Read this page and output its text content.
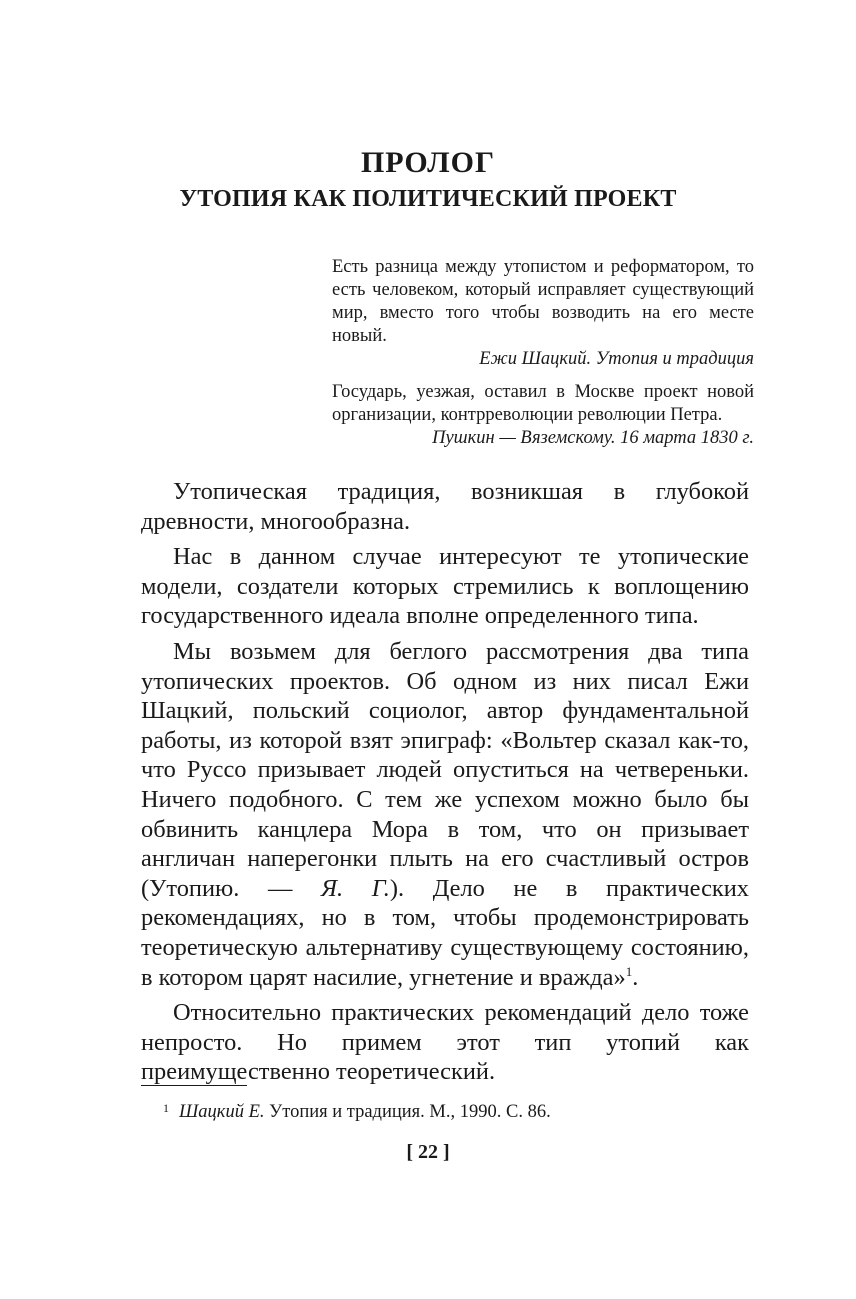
ПРОЛОГ
УТОПИЯ КАК ПОЛИТИЧЕСКИЙ ПРОЕКТ
Есть разница между утопистом и реформатором, то есть человеком, который исправляет существующий мир, вместо того чтобы возводить на его месте новый.
Ежи Шацкий. Утопия и традиция
Государь, уезжая, оставил в Москве проект новой организации, контрреволюции революции Петра.
Пушкин — Вяземскому. 16 марта 1830 г.

Утопическая традиция, возникшая в глубокой древности, многообразна.

Нас в данном случае интересуют те утопические модели, создатели которых стремились к воплощению государственного идеала вполне определенного типа.

Мы возьмем для беглого рассмотрения два типа утопических проектов. Об одном из них писал Ежи Шацкий, польский социолог, автор фундаментальной работы, из которой взят эпиграф: «Вольтер сказал как-то, что Руссо призывает людей опуститься на четвереньки. Ничего подобного. С тем же успехом можно было бы обвинить канцлера Мора в том, что он призывает англичан наперегонки плыть на его счастливый остров (Утопию. — Я. Г.). Дело не в практических рекомендациях, но в том, чтобы продемонстрировать теоретическую альтернативу существующему состоянию, в котором царят насилие, угнетение и вражда»$^1$.

Относительно практических рекомендаций дело тоже непросто. Но примем этот тип утопий как преимущественно теоретический.

$^1$ Шацкий Е. Утопия и традиция. М., 1990. С. 86.
[ 22 ]
